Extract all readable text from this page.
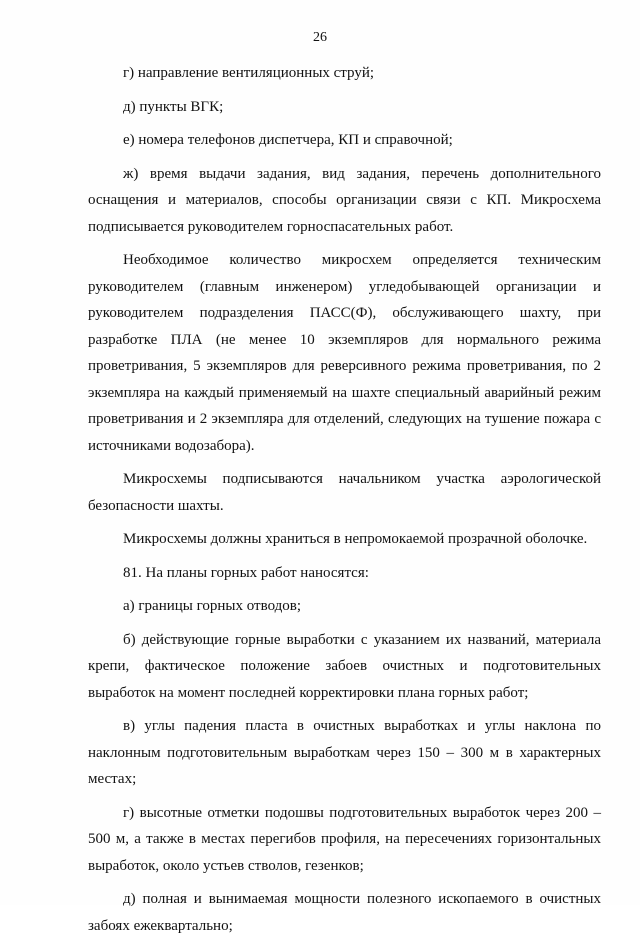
26

г) направление вентиляционных струй;

д) пункты ВГК;

е) номера телефонов диспетчера, КП и справочной;

ж) время выдачи задания, вид задания, перечень дополнительного оснащения и материалов, способы организации связи с КП. Микросхема подписывается руководителем горноспасательных работ.

Необходимое количество микросхем определяется техническим руководителем (главным инженером) угледобывающей организации и руководителем подразделения ПАСС(Ф), обслуживающего шахту, при разработке ПЛА (не менее 10 экземпляров для нормального режима проветривания, 5 экземпляров для реверсивного режима проветривания, по 2 экземпляра на каждый применяемый на шахте специальный аварийный режим проветривания и 2 экземпляра для отделений, следующих на тушение пожара с источниками водозабора).

Микросхемы подписываются начальником участка аэрологической безопасности шахты.

Микросхемы должны храниться в непромокаемой прозрачной оболочке.

81. На планы горных работ наносятся:

а) границы горных отводов;

б) действующие горные выработки с указанием их названий, материала крепи, фактическое положение забоев очистных и подготовительных выработок на момент последней корректировки плана горных работ;

в) углы падения пласта в очистных выработках и углы наклона по наклонным подготовительным выработкам через 150 – 300 м в характерных местах;

г) высотные отметки подошвы подготовительных выработок через 200 – 500 м, а также в местах перегибов профиля, на пересечениях горизонтальных выработок, около устьев стволов, гезенков;

д) полная и вынимаемая мощности полезного ископаемого в очистных забоях ежеквартально;
